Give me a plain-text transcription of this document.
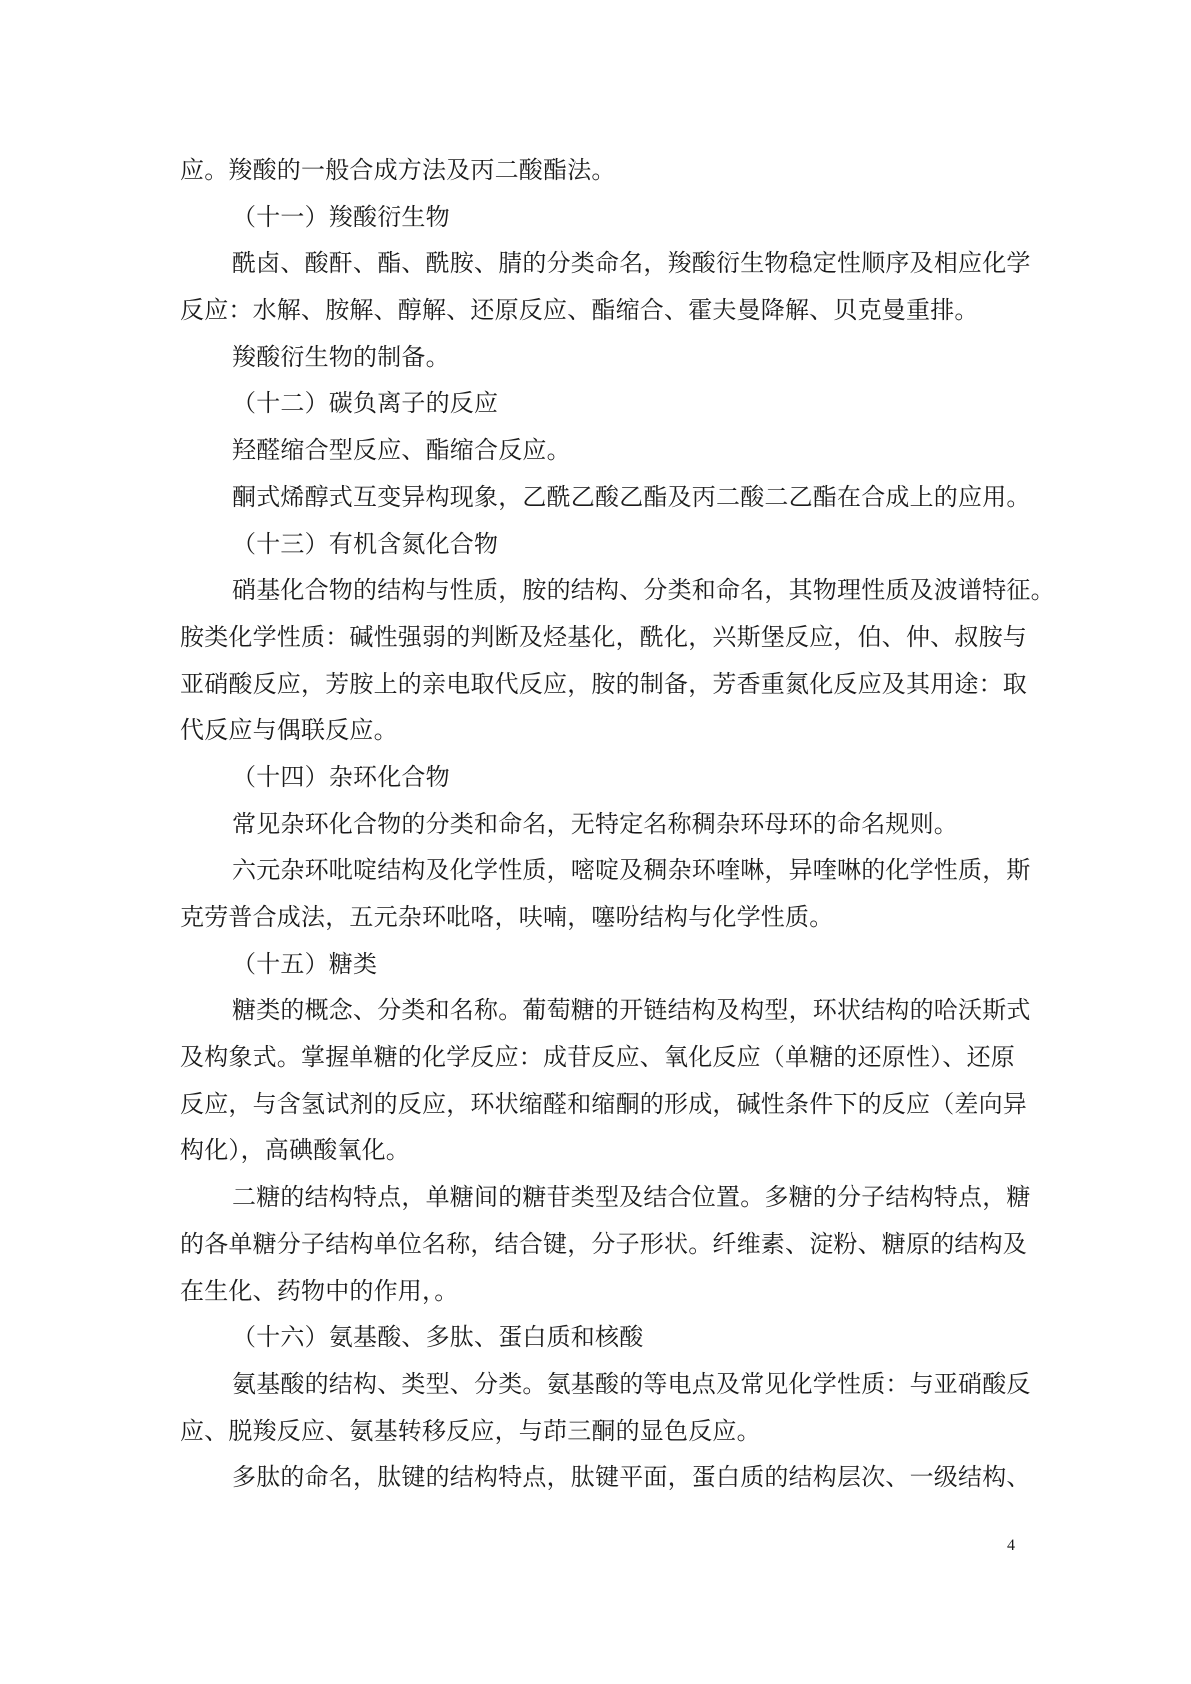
应。羧酸的一般合成方法及丙二酸酯法。
（十一）羧酸衍生物
酰卤、酸酐、酯、酰胺、腈的分类命名，羧酸衍生物稳定性顺序及相应化学
反应：水解、胺解、醇解、还原反应、酯缩合、霍夫曼降解、贝克曼重排。
羧酸衍生物的制备。
（十二）碳负离子的反应
羟醛缩合型反应、酯缩合反应。
酮式烯醇式互变异构现象，乙酰乙酸乙酯及丙二酸二乙酯在合成上的应用。
（十三）有机含氮化合物
硝基化合物的结构与性质，胺的结构、分类和命名，其物理性质及波谱特征。
胺类化学性质：碱性强弱的判断及烃基化，酰化，兴斯堡反应，伯、仲、叔胺与
亚硝酸反应，芳胺上的亲电取代反应，胺的制备，芳香重氮化反应及其用途：取
代反应与偶联反应。
（十四）杂环化合物
常见杂环化合物的分类和命名，无特定名称稠杂环母环的命名规则。
六元杂环吡啶结构及化学性质，嘧啶及稠杂环喹啉，异喹啉的化学性质，斯
克劳普合成法，五元杂环吡咯，呋喃，噻吩结构与化学性质。
（十五）糖类
糖类的概念、分类和名称。葡萄糖的开链结构及构型，环状结构的哈沃斯式
及构象式。掌握单糖的化学反应：成苷反应、氧化反应（单糖的还原性）、还原
反应，与含氢试剂的反应，环状缩醛和缩酮的形成，碱性条件下的反应（差向异
构化），高碘酸氧化。
二糖的结构特点，单糖间的糖苷类型及结合位置。多糖的分子结构特点，糖
的各单糖分子结构单位名称，结合键，分子形状。纤维素、淀粉、糖原的结构及
在生化、药物中的作用，。
（十六）氨基酸、多肽、蛋白质和核酸
氨基酸的结构、类型、分类。氨基酸的等电点及常见化学性质：与亚硝酸反
应、脱羧反应、氨基转移反应，与茚三酮的显色反应。
多肽的命名，肽键的结构特点，肽键平面，蛋白质的结构层次、一级结构、
4
